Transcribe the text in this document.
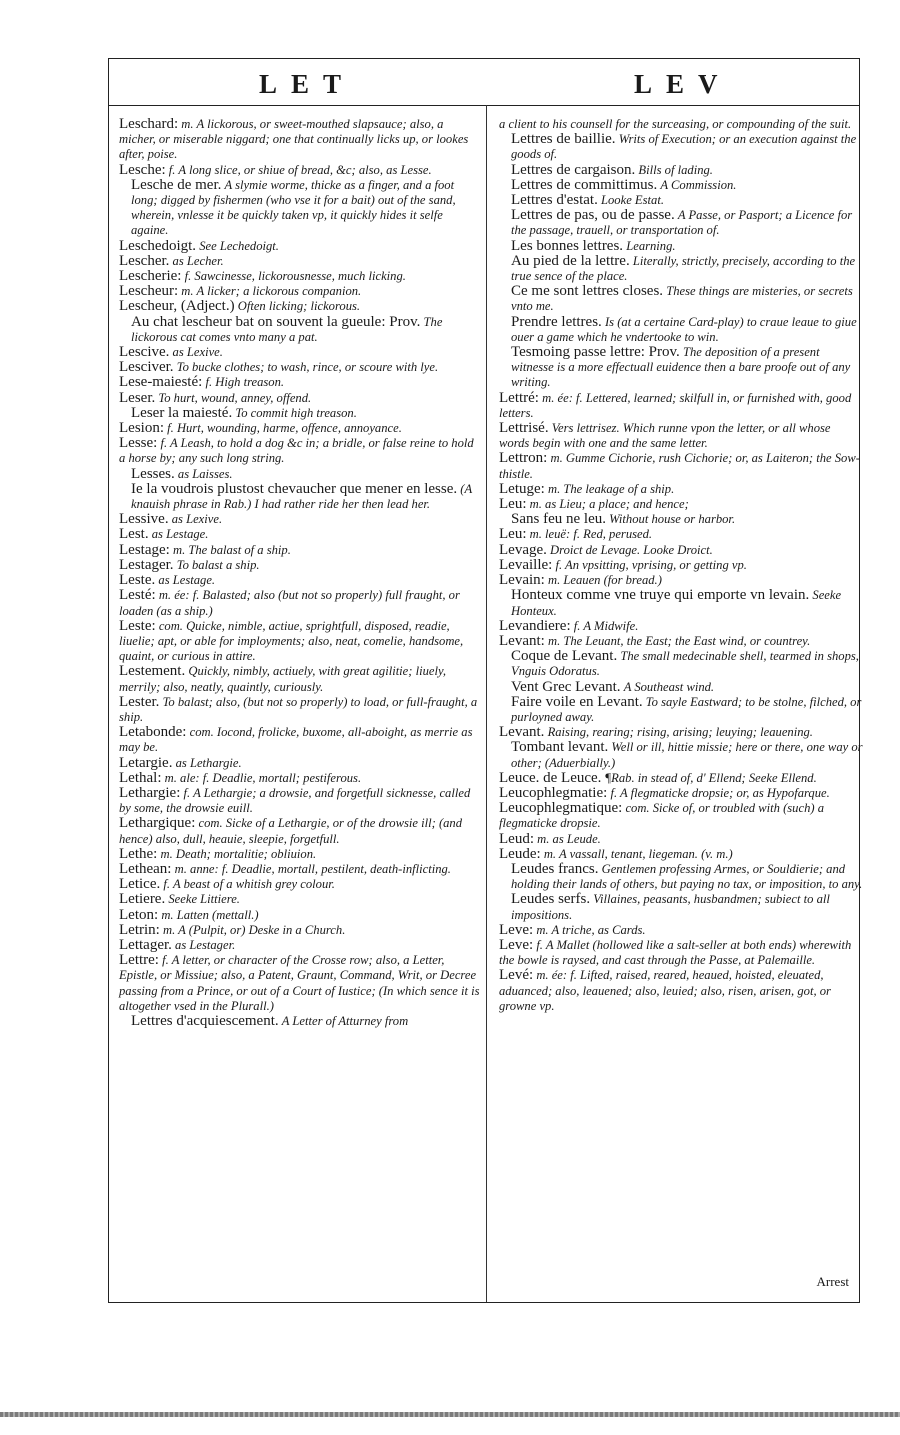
LET	LEV

Leschard: m. A lickorous, or sweet-mouthed slapsauce; also, a micher, or miserable niggard; one that continually licks up, or lookes after, poise.

Lesche: f. A long slice, or shiue of bread, &c; also, as Lesse.

Lesche de mer. A slymie worme, thicke as a finger, and a foot long; digged by fishermen (who vse it for a bait) out of the sand, wherein, vnlesse it be quickly taken vp, it quickly hides it selfe againe.

Leschedoigt. See Lechedoigt.

Lescher. as Lecher.

Lescherie: f. Sawcinesse, lickorousnesse, much licking.

Lescheur: m. A licker; a lickorous companion.

Lescheur, (Adject.) Often licking; lickorous.

Au chat lescheur bat on souvent la gueule: Prov. The lickorous cat comes vnto many a pat.

Lescive. as Lexive.

Lesciver. To bucke clothes; to wash, rince, or scoure with lye.

Lese-maiesté: f. High treason.

Leser. To hurt, wound, anney, offend.

Leser la maiesté. To commit high treason.

Lesion: f. Hurt, wounding, harme, offence, annoyance.

Lesse: f. A Leash, to hold a dog &c in; a bridle, or false reine to hold a horse by; any such long string.

Lesses. as Laisses.

Ie la voudrois plustost chevaucher que mener en lesse. (A knauish phrase in Rab.) I had rather ride her then lead her.

Lessive. as Lexive.

Lest. as Lestage.

Lestage: m. The balast of a ship.

Lestager. To balast a ship.

Leste. as Lestage.

Lesté: m. ée: f. Balasted; also (but not so properly) full fraught, or loaden (as a ship.)

Leste: com. Quicke, nimble, actiue, sprightfull, disposed, readie, liuelie; apt, or able for imployments; also, neat, comelie, handsome, quaint, or curious in attire.

Lestement. Quickly, nimbly, actiuely, with great agilitie; liuely, merrily; also, neatly, quaintly, curiously.

Lester. To balast; also, (but not so properly) to load, or full-fraught, a ship.

Letabonde: com. Iocond, frolicke, buxome, all-aboight, as merrie as may be.

Letargie. as Lethargie.

Lethal: m. ale: f. Deadlie, mortall; pestiferous.

Lethargie: f. A Lethargie; a drowsie, and forgetfull sicknesse, called by some, the drowsie euill.

Lethargique: com. Sicke of a Lethargie, or of the drowsie ill; (and hence) also, dull, heauie, sleepie, forgetfull.

Lethe: m. Death; mortalitie; obliuion.

Lethean: m. anne: f. Deadlie, mortall, pestilent, death-inflicting.

Letice. f. A beast of a whitish grey colour.

Letiere. Seeke Littiere.

Leton: m. Latten (mettall.)

Letrin: m. A (Pulpit, or) Deske in a Church.

Lettager. as Lestager.

Lettre: f. A letter, or character of the Crosse row; also, a Letter, Epistle, or Missiue; also, a Patent, Graunt, Command, Writ, or Decree passing from a Prince, or out of a Court of Iustice; (In which sence it is altogether vsed in the Plurall.)

Lettres d'acquiescement. A Letter of Atturney from

a client to his counsell for the surceasing, or compounding of the suit.

Lettres de baillie. Writs of Execution; or an execution against the goods of.

Lettres de cargaison. Bills of lading.

Lettres de committimus. A Commission.

Lettres d'estat. Looke Estat.

Lettres de pas, ou de passe. A Passe, or Pasport; a Licence for the passage, trauell, or transportation of.

Les bonnes lettres. Learning.

Au pied de la lettre. Literally, strictly, precisely, according to the true sence of the place.

Ce me sont lettres closes. These things are misteries, or secrets vnto me.

Prendre lettres. Is (at a certaine Card-play) to craue leaue to giue ouer a game which he vndertooke to win.

Tesmoing passe lettre: Prov. The deposition of a present witnesse is a more effectuall euidence then a bare proofe out of any writing.

Lettré: m. ée: f. Lettered, learned; skilfull in, or furnished with, good letters.

Lettrisé. Vers lettrisez. Which runne vpon the letter, or all whose words begin with one and the same letter.

Lettron: m. Gumme Cichorie, rush Cichorie; or, as Laiteron; the Sow-thistle.

Letuge: m. The leakage of a ship.

Leu: m. as Lieu; a place; and hence;

Sans feu ne leu. Without house or harbor.

Leu: m. leuë: f. Red, perused.

Levage. Droict de Levage. Looke Droict.

Levaille: f. An vpsitting, vprising, or getting vp.

Levain: m. Leauen (for bread.)

Honteux comme vne truye qui emporte vn levain. Seeke Honteux.

Levandiere: f. A Midwife.

Levant: m. The Leuant, the East; the East wind, or countrey.

Coque de Levant. The small medecinable shell, tearmed in shops, Vnguis Odoratus.

Vent Grec Levant. A Southeast wind.

Faire voile en Levant. To sayle Eastward; to be stolne, filched, or purloyned away.

Levant. Raising, rearing; rising, arising; leuying; leauening.

Tombant levant. Well or ill, hittie missie; here or there, one way or other; (Aduerbially.)

Leuce. de Leuce. ¶Rab. in stead of, d' Ellend; Seeke Ellend.

Leucophlegmatie: f. A flegmaticke dropsie; or, as Hypofarque.

Leucophlegmatique: com. Sicke of, or troubled with (such) a flegmaticke dropsie.

Leud: m. as Leude.

Leude: m. A vassall, tenant, liegeman. (v. m.)

Leudes francs. Gentlemen professing Armes, or Souldierie; and holding their lands of others, but paying no tax, or imposition, to any.

Leudes serfs. Villaines, peasants, husbandmen; subiect to all impositions.

Leve: m. A triche, as Cards.

Leve: f. A Mallet (hollowed like a salt-seller at both ends) wherewith the bowle is raysed, and cast through the Passe, at Palemaille.

Levé: m. ée: f. Lifted, raised, reared, heaued, hoisted, eleuated, aduanced; also, leauened; also, leuied; also, risen, arisen, got, or growne vp.

Arrest
